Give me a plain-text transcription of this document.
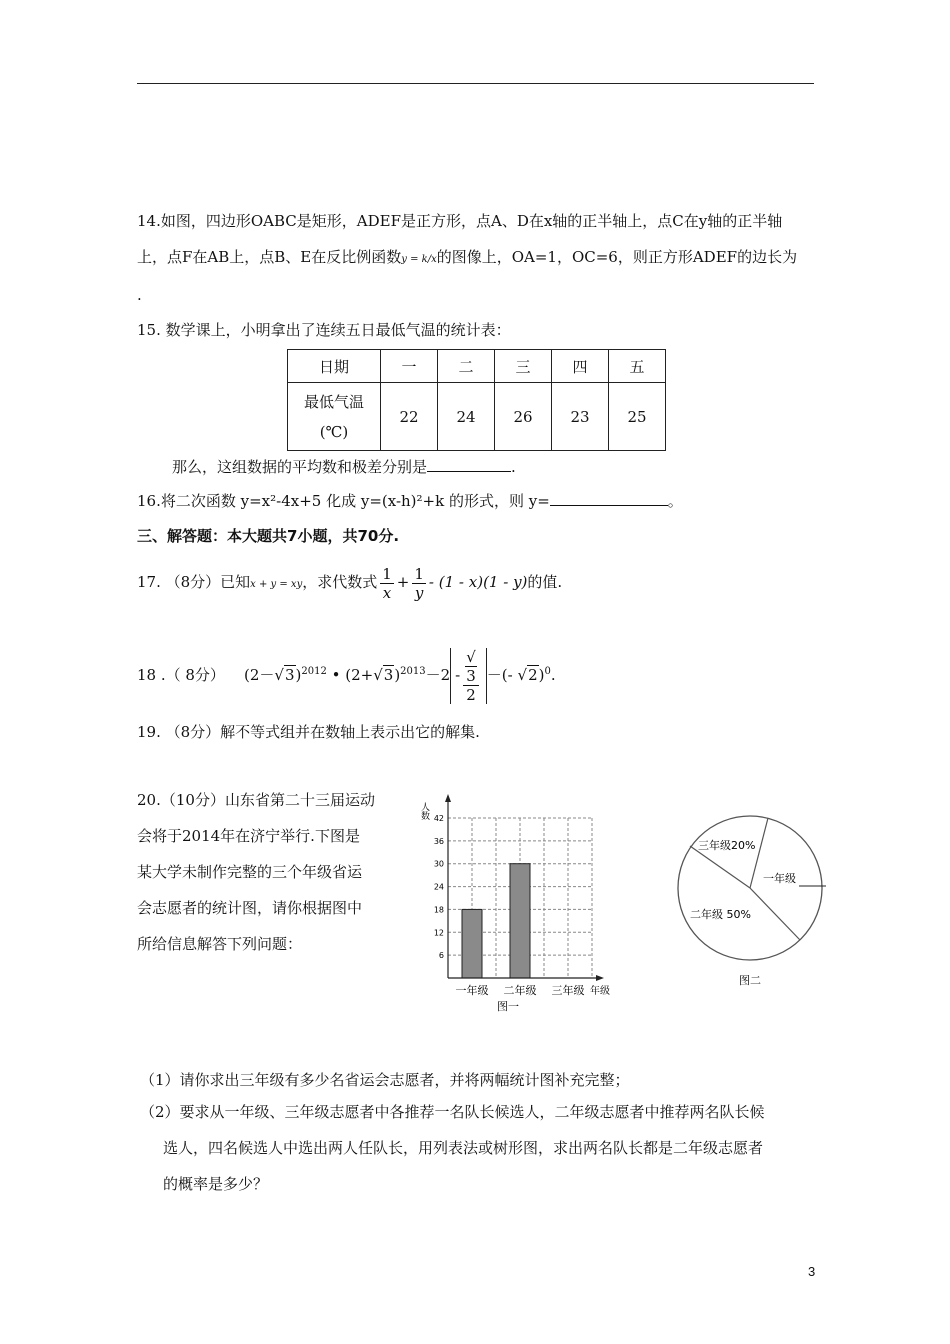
14.如图，四边形OABC是矩形，ADEF是正方形，点A、D在x轴的正半轴上，点C在y轴的正半轴
上，点F在AB上，点B、E在反比例函数y = k/x的图像上，OA=1，OC=6，则正方形ADEF的边长为
.
15. 数学课上，小明拿出了连续五日最低气温的统计表：
日期	一	二	三	四	五

最低气温
(℃)	22	24	26	23	25
那么，这组数据的平均数和极差分别是	.
16.将二次函数 y=x²-4x+5 化成 y=(x-h)²+k 的形式，则 y=	。
三、解答题：本大题共7小题，共70分.
17. （8分）已知x + y = xy，求代数式 $\frac{1}{x} + \frac{1}{y} - (1 - x)(1 - y)$的值.
18 .（ 8分） $(2-√3)^{2012}$ • $(2+√3)^{2013}-2$ - √
3
2 －(- √2)$^0$.
19. （8分）解不等式组并在数轴上表示出它的解集.
20.（10分）山东省第二十三届运动
会将于2014年在济宁举行.下图是
某大学未制作完整的三个年级省运
会志愿者的统计图，请你根据图中
所给信息解答下列问题：
6
12
18
24
30
36
42
一年级 二年级 三年级
人数
年级
图一
三年级20%
一年级
二年级 50%
图二
（1）请你求出三年级有多少名省运会志愿者，并将两幅统计图补充完整；
（2）要求从一年级、三年级志愿者中各推荐一名队长候选人，二年级志愿者中推荐两名队长候
选人，四名候选人中选出两人任队长，用列表法或树形图，求出两名队长都是二年级志愿者
的概率是多少？
3
